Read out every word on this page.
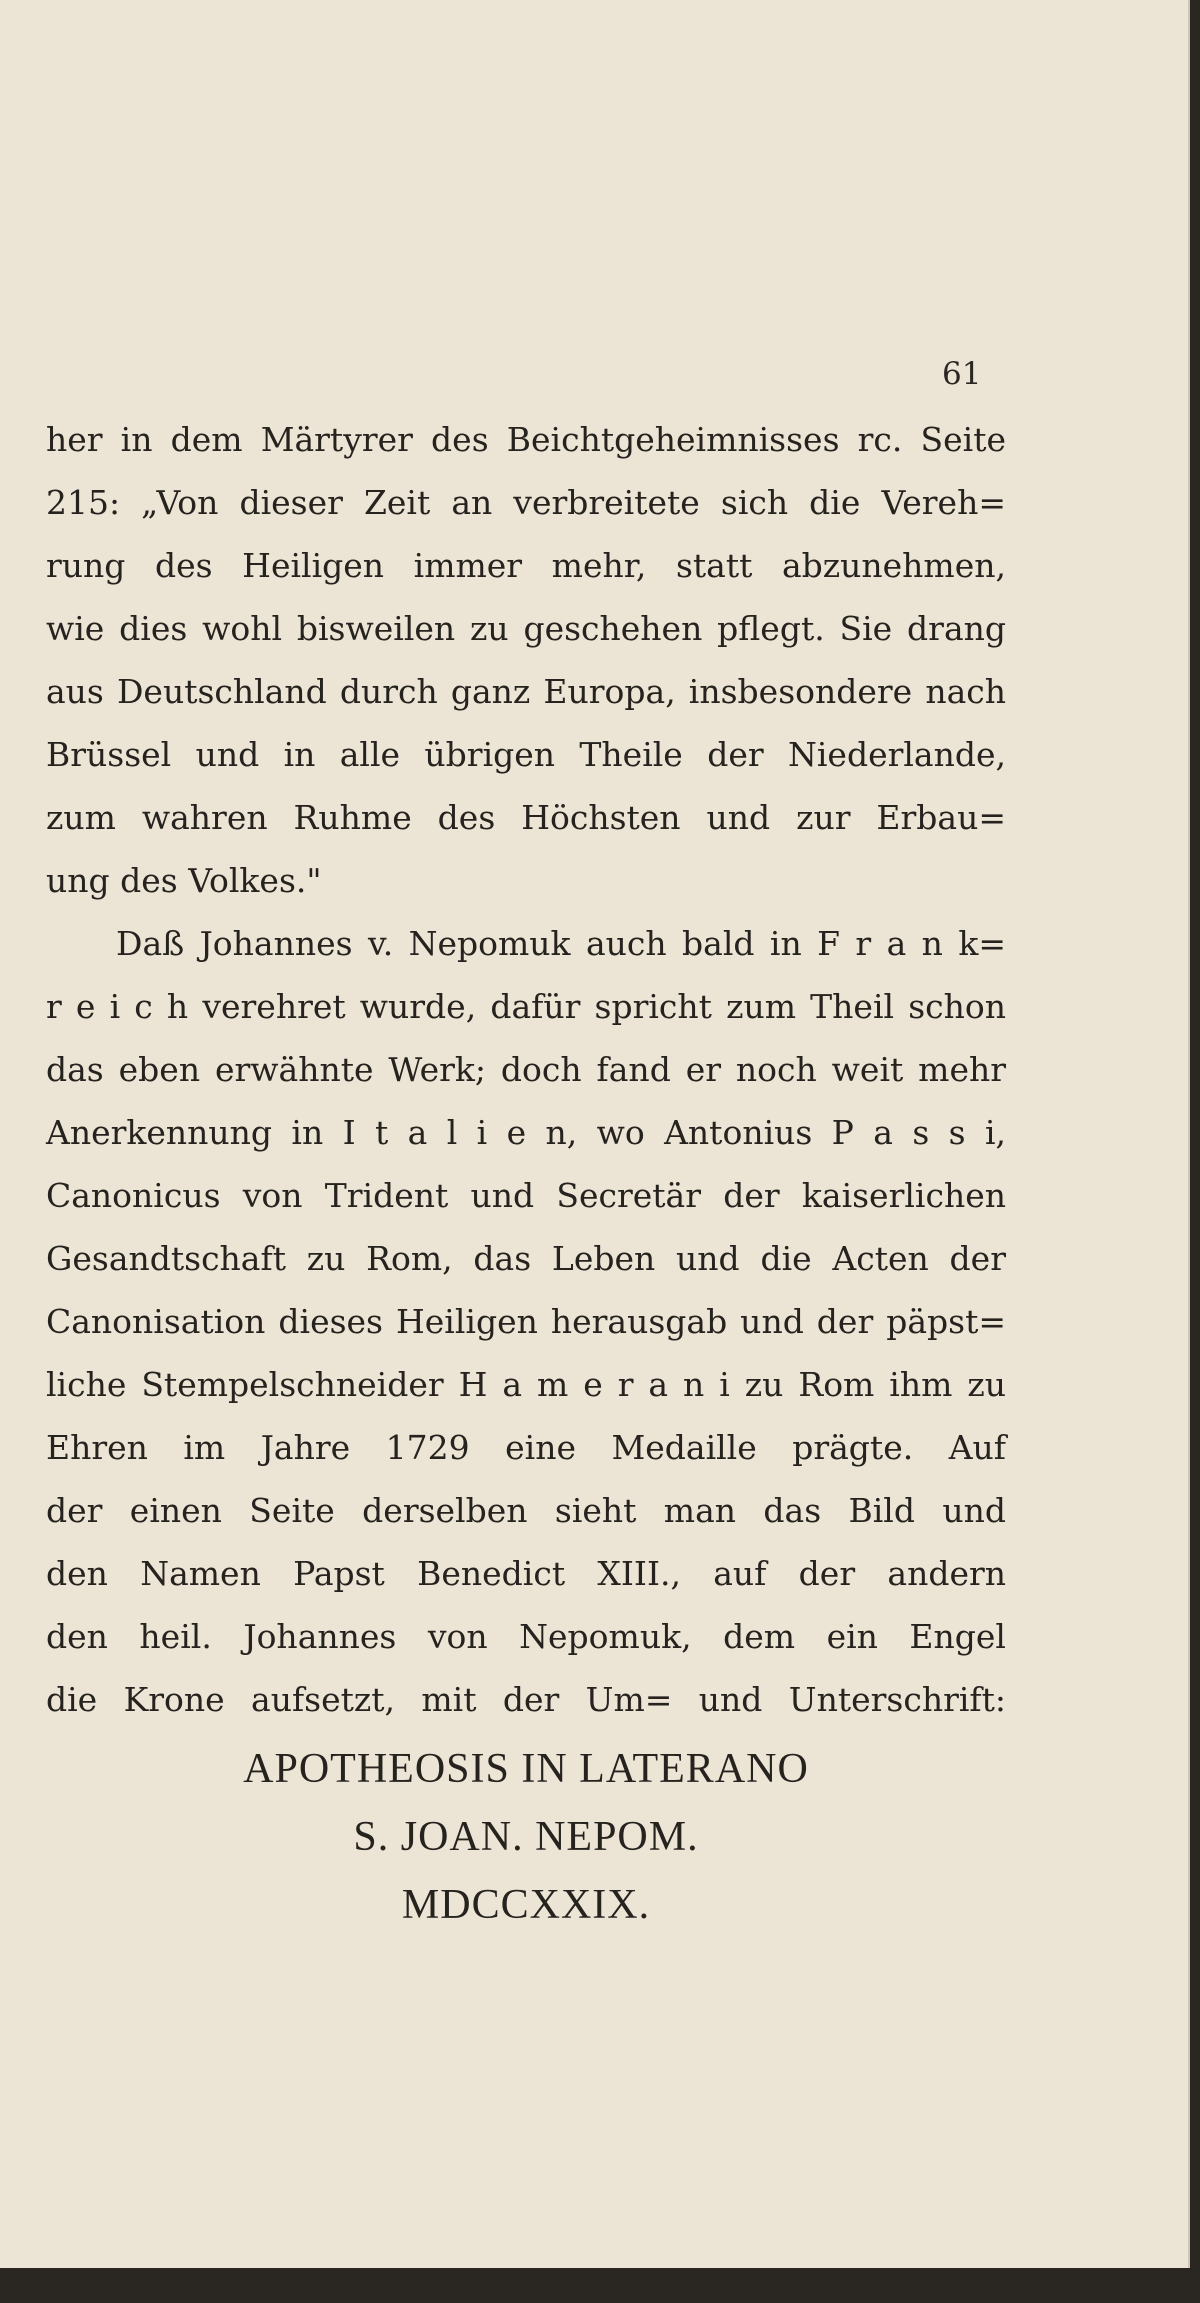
61
her in dem Märtyrer des Beichtgeheimnisses rc. Seite
215: „Von dieser Zeit an verbreitete sich die Vereh=
rung des Heiligen immer mehr, statt abzunehmen,
wie dies wohl bisweilen zu geschehen pflegt. Sie drang
aus Deutschland durch ganz Europa, insbesondere nach
Brüssel und in alle übrigen Theile der Niederlande,
zum wahren Ruhme des Höchsten und zur Erbau=
ung des Volkes."
Daß Johannes v. Nepomuk auch bald in F r a n k=
r e i c h verehret wurde, dafür spricht zum Theil schon
das eben erwähnte Werk; doch fand er noch weit mehr
Anerkennung in I t a l i e n, wo Antonius P a s s i,
Canonicus von Trident und Secretär der kaiserlichen
Gesandtschaft zu Rom, das Leben und die Acten der
Canonisation dieses Heiligen herausgab und der päpst=
liche Stempelschneider H a m e r a n i zu Rom ihm zu
Ehren im Jahre 1729 eine Medaille prägte. Auf
der einen Seite derselben sieht man das Bild und
den Namen Papst Benedict XIII., auf der andern
den heil. Johannes von Nepomuk, dem ein Engel
die Krone aufsetzt, mit der Um= und Unterschrift:
APOTHEOSIS IN LATERANO
S. JOAN. NEPOM.
MDCCXXIX.
